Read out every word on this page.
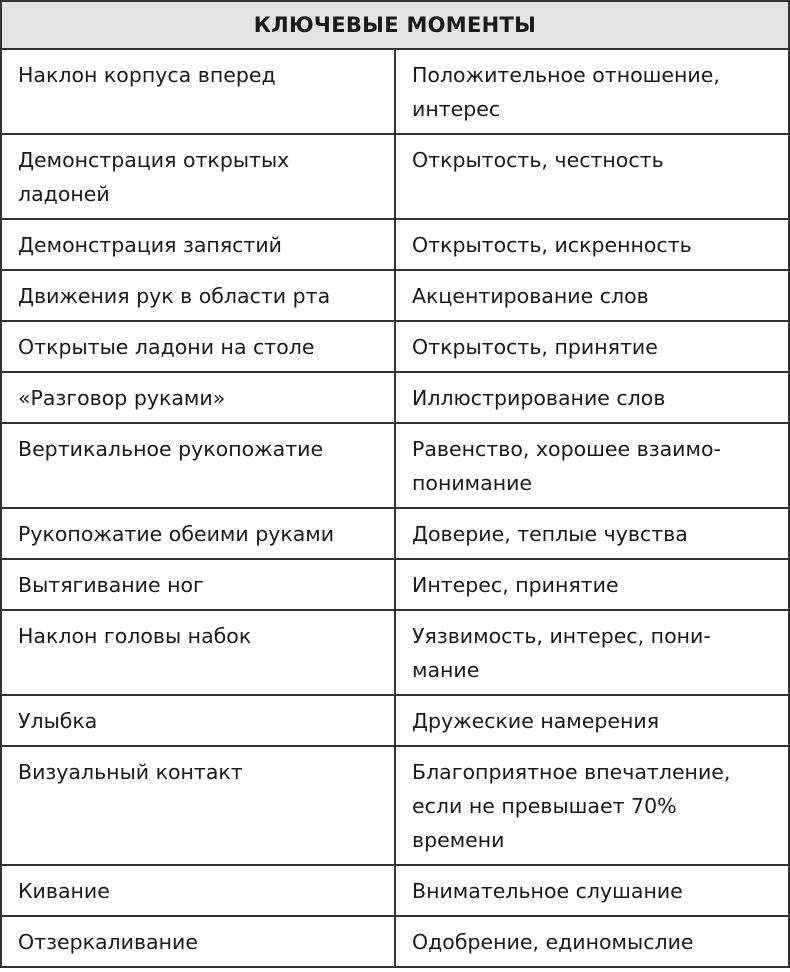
КЛЮЧЕВЫЕ МОМЕНТЫ	

Наклон корпуса вперед	Положительное отношение,
интерес

Демонстрация открытых
ладоней	Открытость, честность

Демонстрация запястий	Открытость, искренность

Движения рук в области рта	Акцентирование слов

Открытые ладони на столе	Открытость, принятие

«Разговор руками»	Иллюстрирование слов

Вертикальное рукопожатие	Равенство, хорошее взаимо-
понимание

Рукопожатие обеими руками	Доверие, теплые чувства

Вытягивание ног	Интерес, принятие

Наклон головы набок	Уязвимость, интерес, пони-
мание

Улыбка	Дружеские намерения

Визуальный контакт	Благоприятное впечатление,
если не превышает 70%
времени

Кивание	Внимательное слушание

Отзеркаливание	Одобрение, единомыслие
